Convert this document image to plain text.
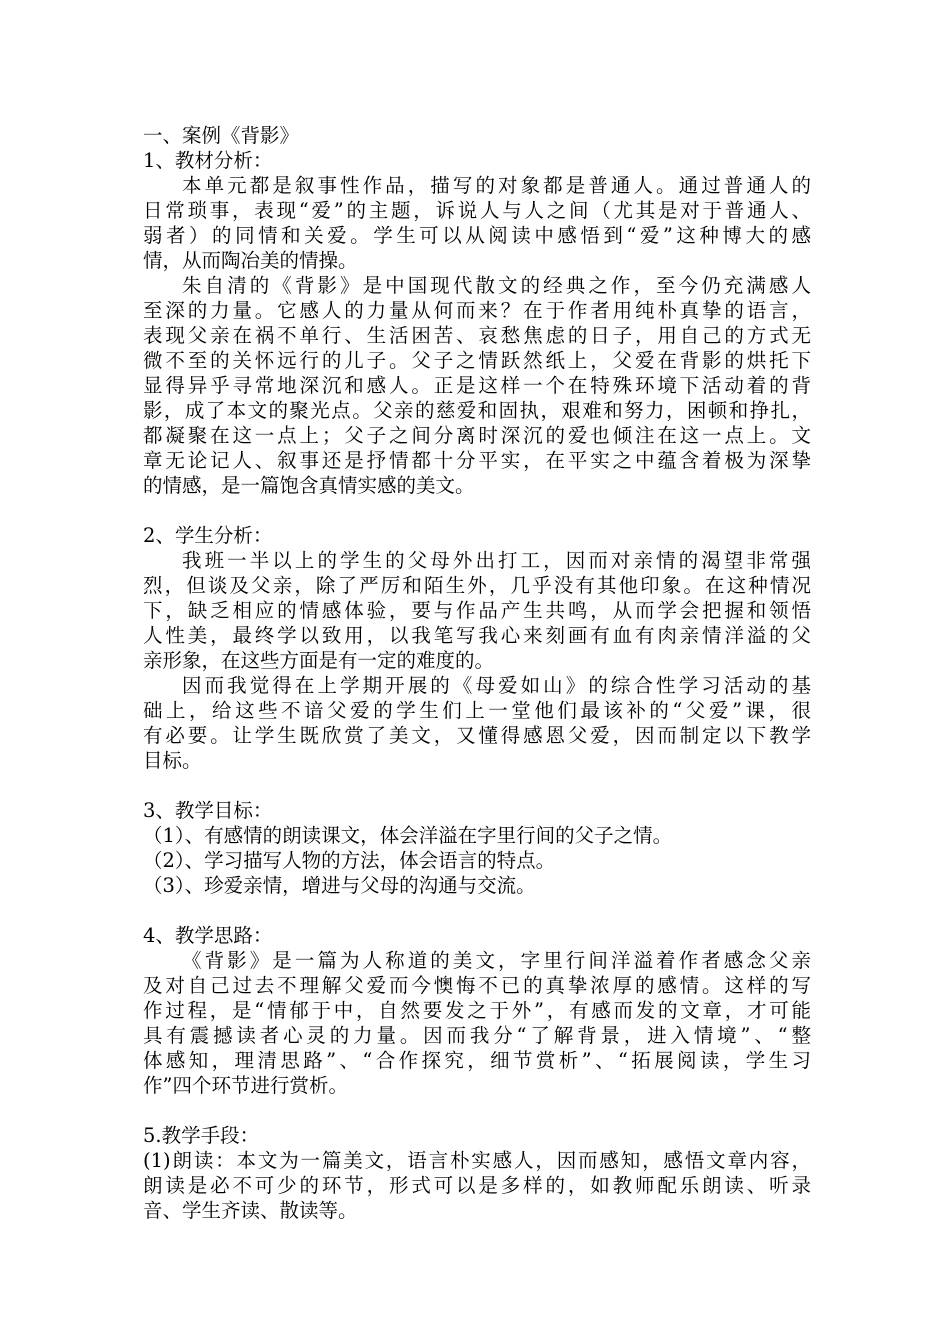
一、案例《背影》
1、教材分析：
本单元都是叙事性作品，描写的对象都是普通人。通过普通人的
日常琐事，表现“爱”的主题，诉说人与人之间（尤其是对于普通人、
弱者）的同情和关爱。学生可以从阅读中感悟到“爱”这种博大的感
情，从而陶冶美的情操。
朱自清的《背影》是中国现代散文的经典之作，至今仍充满感人
至深的力量。它感人的力量从何而来？在于作者用纯朴真挚的语言，
表现父亲在祸不单行、生活困苦、哀愁焦虑的日子，用自己的方式无
微不至的关怀远行的儿子。父子之情跃然纸上，父爱在背影的烘托下
显得异乎寻常地深沉和感人。正是这样一个在特殊环境下活动着的背
影，成了本文的聚光点。父亲的慈爱和固执，艰难和努力，困顿和挣扎，
都凝聚在这一点上；父子之间分离时深沉的爱也倾注在这一点上。文
章无论记人、叙事还是抒情都十分平实，在平实之中蕴含着极为深挚
的情感，是一篇饱含真情实感的美文。
2、学生分析：
我班一半以上的学生的父母外出打工，因而对亲情的渴望非常强
烈，但谈及父亲，除了严厉和陌生外，几乎没有其他印象。在这种情况
下，缺乏相应的情感体验，要与作品产生共鸣，从而学会把握和领悟
人性美，最终学以致用，以我笔写我心来刻画有血有肉亲情洋溢的父
亲形象，在这些方面是有一定的难度的。
因而我觉得在上学期开展的《母爱如山》的综合性学习活动的基
础上，给这些不谙父爱的学生们上一堂他们最该补的“父爱”课，很
有必要。让学生既欣赏了美文，又懂得感恩父爱，因而制定以下教学
目标。
3、教学目标：
（1）、有感情的朗读课文，体会洋溢在字里行间的父子之情。
（2）、学习描写人物的方法，体会语言的特点。
（3）、珍爱亲情，增进与父母的沟通与交流。
4、教学思路：
《背影》是一篇为人称道的美文，字里行间洋溢着作者感念父亲
及对自己过去不理解父爱而今懊悔不已的真挚浓厚的感情。这样的写
作过程，是“情郁于中，自然要发之于外”，有感而发的文章，才可能
具有震撼读者心灵的力量。因而我分“了解背景，进入情境”、“整
体感知，理清思路”、“合作探究，细节赏析”、“拓展阅读，学生习
作”四个环节进行赏析。
5.教学手段：
(1)朗读：本文为一篇美文，语言朴实感人，因而感知，感悟文章内容，
朗读是必不可少的环节，形式可以是多样的，如教师配乐朗读、听录
音、学生齐读、散读等。
